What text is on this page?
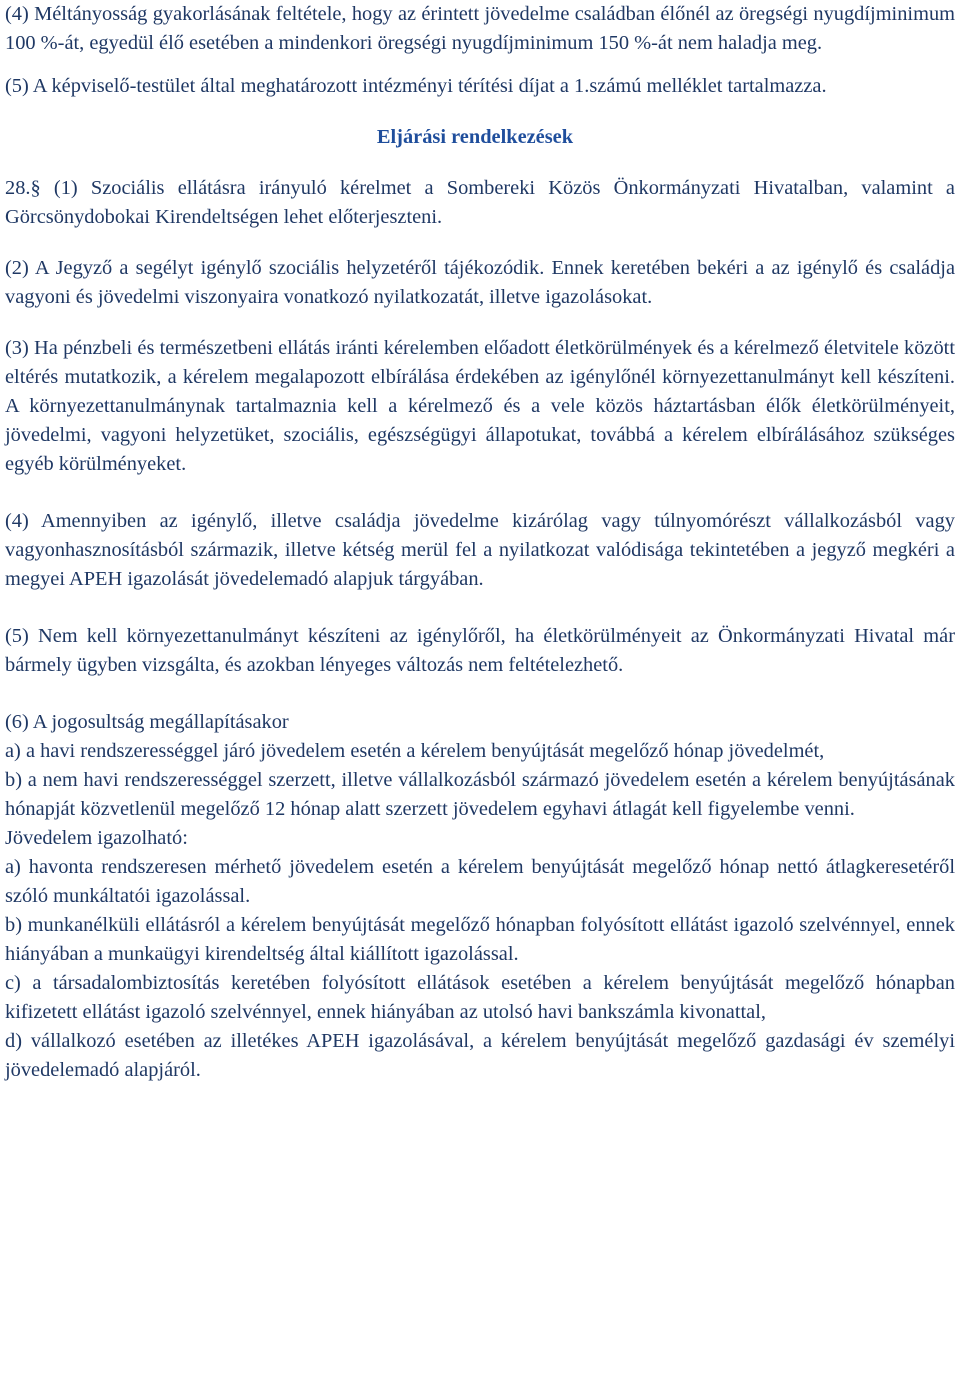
(4) Méltányosság gyakorlásának feltétele, hogy az érintett jövedelme családban élőnél az öregségi nyugdíjminimum 100 %-át, egyedül élő esetében a mindenkori öregségi nyugdíjminimum 150 %-át nem haladja meg.

(5) A képviselő-testület által meghatározott intézményi térítési díjat a 1.számú melléklet tartalmazza.

Eljárási rendelkezések

28.§ (1) Szociális ellátásra irányuló kérelmet a Sombereki Közös Önkormányzati Hivatalban, valamint a Görcsönydobokai Kirendeltségen lehet előterjeszteni.

(2) A Jegyző a segélyt igénylő szociális helyzetéről tájékozódik. Ennek keretében bekéri a az igénylő és családja vagyoni és jövedelmi viszonyaira vonatkozó nyilatkozatát, illetve igazolásokat.

(3) Ha pénzbeli és természetbeni ellátás iránti kérelemben előadott életkörülmények és a kérelmező életvitele között eltérés mutatkozik, a kérelem megalapozott elbírálása érdekében az igénylőnél környezettanulmányt kell készíteni. A környezettanulmánynak tartalmaznia kell a kérelmező és a vele közös háztartásban élők életkörülményeit, jövedelmi, vagyoni helyzetüket, szociális, egészségügyi állapotukat, továbbá a kérelem elbírálásához szükséges egyéb körülményeket.

(4) Amennyiben az igénylő, illetve családja jövedelme kizárólag vagy túlnyomórészt vállalkozásból vagy vagyonhasznosításból származik, illetve kétség merül fel a nyilatkozat valódisága tekintetében a jegyző megkéri a megyei APEH igazolását jövedelemadó alapjuk tárgyában.

(5) Nem kell környezettanulmányt készíteni az igénylőről, ha életkörülményeit az Önkormányzati Hivatal már bármely ügyben vizsgálta, és azokban lényeges változás nem feltételezhető.

(6) A jogosultság megállapításakor

a) a havi rendszerességgel járó jövedelem esetén a kérelem benyújtását megelőző hónap jövedelmét,

b) a nem havi rendszerességgel szerzett, illetve vállalkozásból származó jövedelem esetén a kérelem benyújtásának hónapját közvetlenül megelőző 12 hónap alatt szerzett jövedelem egyhavi átlagát kell figyelembe venni.

Jövedelem igazolható:

a) havonta rendszeresen mérhető jövedelem esetén a kérelem benyújtását megelőző hónap nettó átlagkeresetéről szóló munkáltatói igazolással.

b) munkanélküli ellátásról a kérelem benyújtását megelőző hónapban folyósított ellátást igazoló szelvénnyel, ennek hiányában a munkaügyi kirendeltség által kiállított igazolással.

c) a társadalombiztosítás keretében folyósított ellátások esetében a kérelem benyújtását megelőző hónapban kifizetett ellátást igazoló szelvénnyel, ennek hiányában az utolsó havi bankszámla kivonattal,

d) vállalkozó esetében az illetékes APEH igazolásával, a kérelem benyújtását megelőző gazdasági év személyi jövedelemadó alapjáról.
